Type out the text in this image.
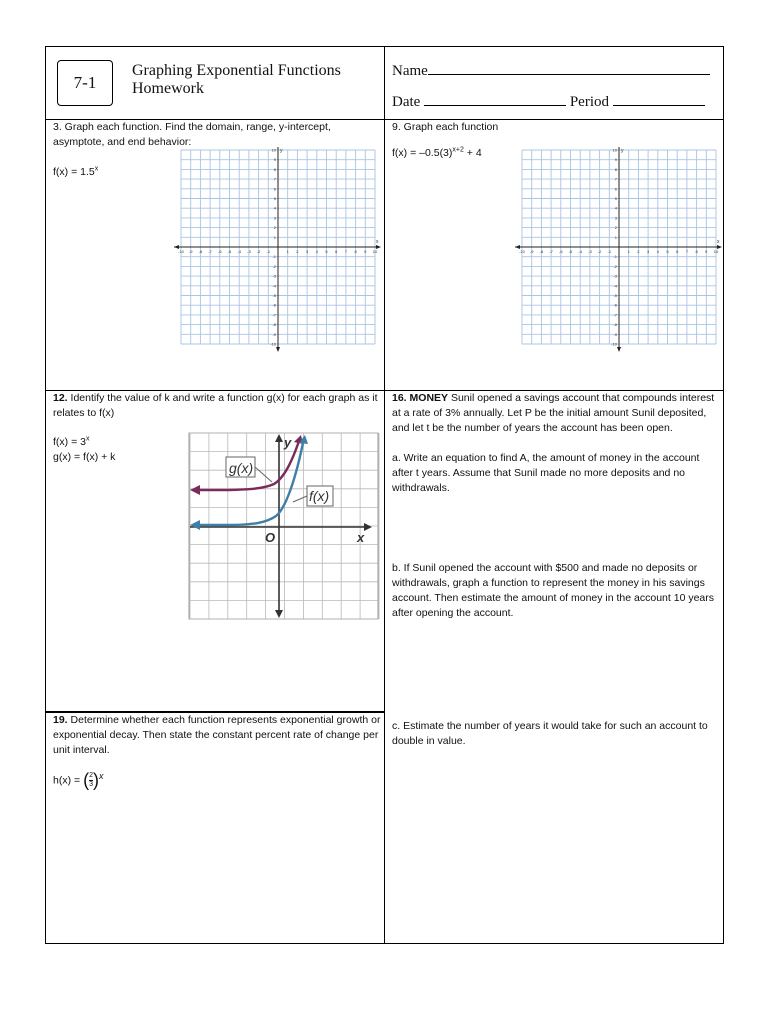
7-1
Graphing Exponential Functions
Homework
Name
Date	Period
3. Graph each function. Find the domain, range, y-intercept, asymptote, and end behavior:
$f(x) = 1.5^x$
x
y
-10 -9 -8 -7 -6 -5 -4 -3 -2 -1	1 2 3 4 5 6 7 8 9 10
10
9
8
7
6
5
4
3
2
1
-1
-2
-3
-4
-5
-6
-7
-8
-9
-10
9. Graph each function
$f(x) = -0.5(3)^{x+2} + 4$
x
y
-10 -9 -8 -7 -6 -5 -4 -3 -2 -1	1 2 3 4 5 6 7 8 9 10
10
9
8
7
6
5
4
3
2
1
-1
-2
-3
-4
-5
-6
-7
-8
-9
-10
12. Identify the value of k and write a function g(x) for each graph as it relates to f(x)
$f(x) = 3^x$
g(x) = f(x) + k
g(x)
f(x)
y
x
O
16. MONEY Sunil opened a savings account that compounds interest at a rate of 3% annually. Let P be the initial amount Sunil deposited, and let t be the number of years the account has been open.
a. Write an equation to find A, the amount of money in the account after t years. Assume that Sunil made no more deposits and no withdrawals.
b. If Sunil opened the account with $500 and made no deposits or withdrawals, graph a function to represent the money in his savings account. Then estimate the amount of money in the account 10 years after opening the account.
c. Estimate the number of years it would take for such an account to double in value.
19. Determine whether each function represents exponential growth or exponential decay. Then state the constant percent rate of change per unit interval.
h(x) = ( $\frac{2}{3} )^x$
